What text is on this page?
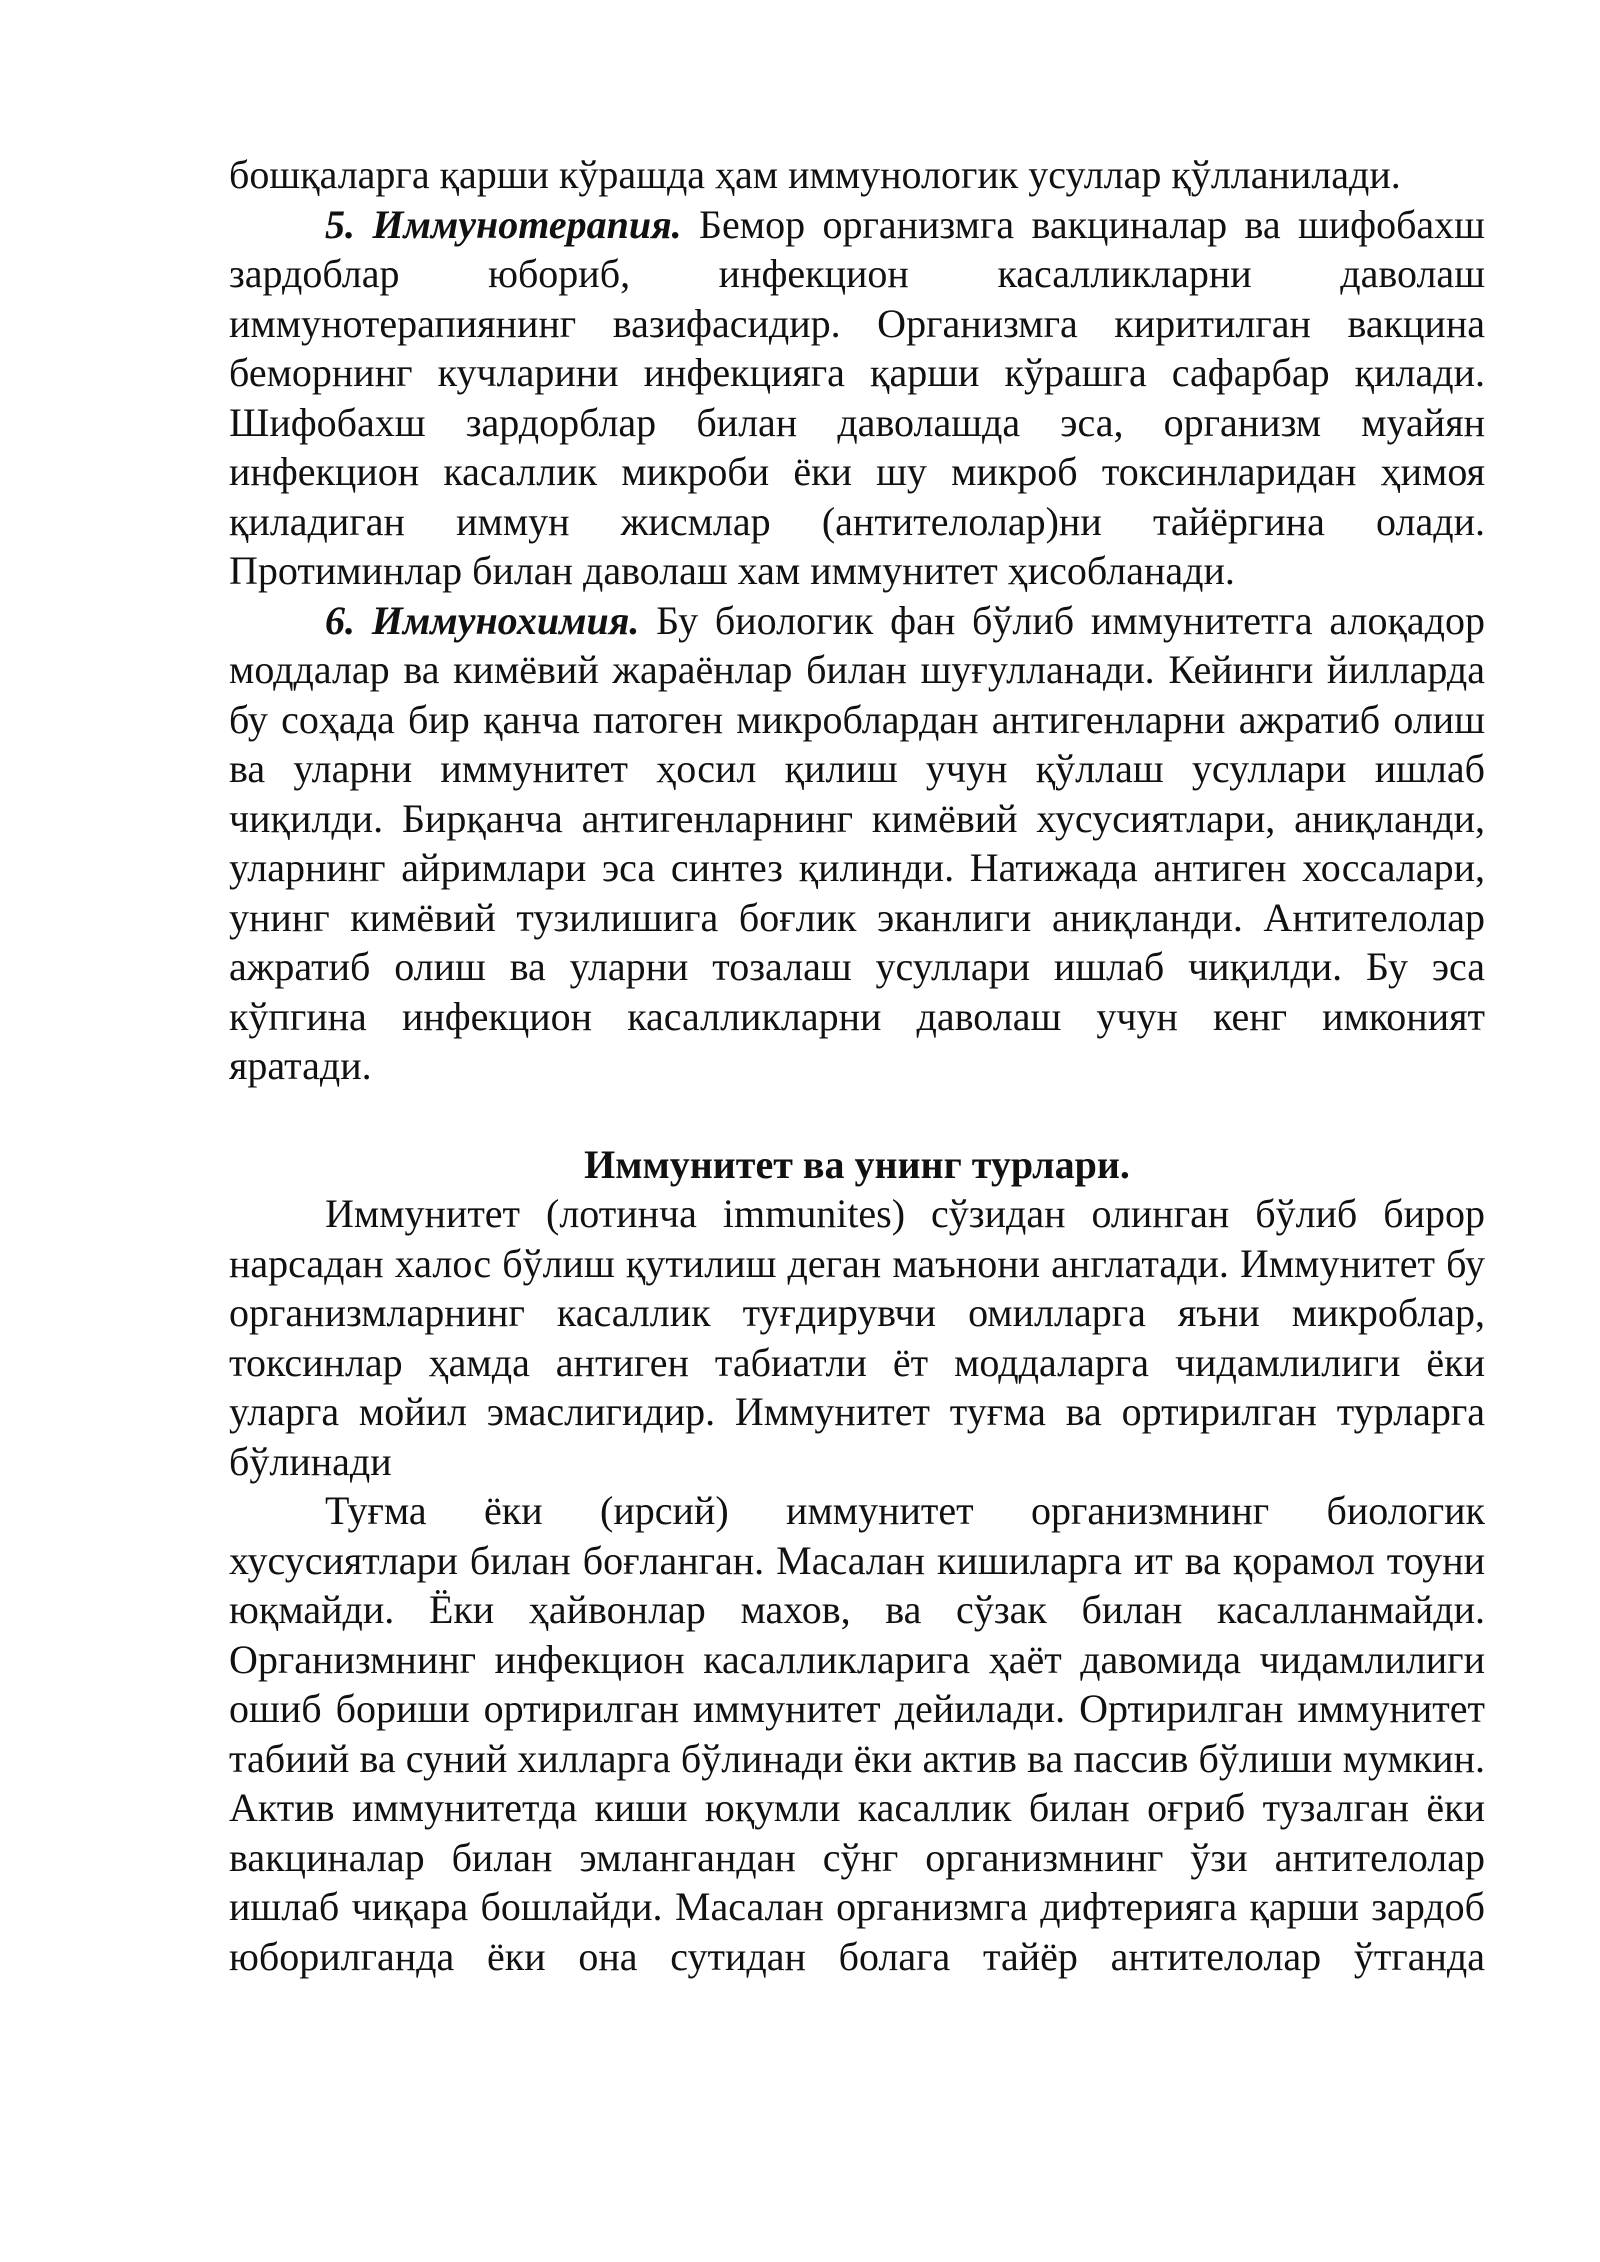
бошқаларга қарши кўрашда ҳам иммунологик усуллар қўлланилади.

5. Иммунотерапия. Бемор организмга вакциналар ва шифобахш зардоблар юбориб, инфекцион касалликларни даволаш иммунотерапиянинг вазифасидир. Организмга киритилган вакцина беморнинг кучларини инфекцияга қарши кўрашга сафарбар қилади. Шифобахш зардорблар билан даволашда эса, организм муайян инфекцион касаллик микроби ёки шу микроб токсинларидан ҳимоя қиладиган иммун жисмлар (антителолар)ни тайёргина олади. Протиминлар билан даволаш хам иммунитет ҳисобланади.

6. Иммунохимия. Бу биологик фан бўлиб иммунитетга алоқадор моддалар ва кимёвий жараёнлар билан шуғулланади. Кейинги йилларда бу соҳада бир қанча патоген микроблардан антигенларни ажратиб олиш ва уларни иммунитет ҳосил қилиш учун қўллаш усуллари ишлаб чиқилди. Бирқанча антигенларнинг кимёвий хусусиятлари, аниқланди, уларнинг айримлари эса синтез қилинди. Натижада антиген хоссалари, унинг кимёвий тузилишига боғлик эканлиги аниқланди. Антителолар ажратиб олиш ва уларни тозалаш усуллари ишлаб чиқилди. Бу эса кўпгина инфекцион касалликларни даволаш учун кенг имконият яратади.

Иммунитет ва унинг турлари.

Иммунитет (лотинча immunites) сўзидан олинган бўлиб бирор нарсадан халос бўлиш қутилиш деган маънони англатади. Иммунитет бу организмларнинг касаллик туғдирувчи омилларга яъни микроблар, токсинлар ҳамда антиген табиатли ёт моддаларга чидамлилиги ёки уларга мойил эмаслигидир. Иммунитет туғма ва ортирилган турларга бўлинади

Туғма ёки (ирсий) иммунитет организмнинг биологик хусусиятлари билан боғланган. Масалан кишиларга ит ва қорамол тоуни юқмайди. Ёки ҳайвонлар махов, ва сўзак билан касалланмайди. Организмнинг инфекцион касалликларига ҳаёт давомида чидамлилиги ошиб бориши ортирилган иммунитет дейилади. Ортирилган иммунитет табиий ва суний хилларга бўлинади ёки актив ва пассив бўлиши мумкин. Актив иммунитетда киши юқумли касаллик билан оғриб тузалган ёки вакциналар билан эмлангандан сўнг организмнинг ўзи антителолар ишлаб чиқара бошлайди. Масалан организмга дифтерияга қарши зардоб юборилганда ёки она сутидан болага тайёр антителолар ўтганда
